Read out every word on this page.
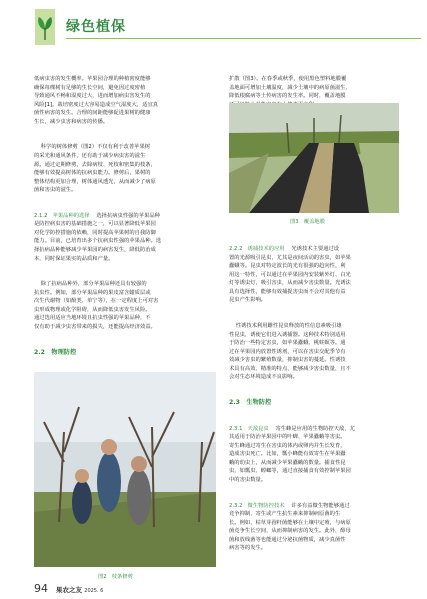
绿色植保

低病虫害的发生概率。苹果园合理的种植密度能够
确保每棵树有足够的生长空间，避免因过度密植
导致通风不畅和湿度过大，进而增加病虫害发生的
风险[1]。栽培密度过大容易造成空气湿度大，适宜真
菌性病害的发生。合理的间距能够促进果树的健康
生长，减少虫害和病害的传播。

科学的树体修剪（图2）不仅有利于改善苹果树
的采光和通风条件，还有助于减少病虫害的滋生
源。通过定期修剪，去除病枝、死枝和密集的枝条，
能够有效提高树体的抗病虫能力。修剪后，果树的
整体结构更加合理，树体通风透光，从而减少了病原
菌和害虫的滋生。

2.1.2   苹果品种的选择    选择抗病虫性强的苹果品种
是防控病虫害的基础措施之一，可以显著降低苹果园
对化学防控措施的依赖，同时提高苹果树的自我防御
能力。目前，已培育出多个抗病虫性强的苹果品种。选
择抗病品种能够减少苹果园的病害发生，降低防治成
本，同时保证果实的品质和产量。

除了抗病品种外，部分苹果品种还具有较强的
抗虫性。例如，部分苹果品种的果皮富含蜡质层或
次生代谢物（如酚类、单宁等），在一定程度上可对害
虫形成物理或化学阻碍，从而降低虫害发生风险。
通过选用适应当地环境且抗虫性强的苹果品种，不
仅有助于减少虫害带来的损失，还能提高经济效益。

2.2   物理防控

图2   枝条修剪

扩散（图3）。在春季或秋季，使用黑色塑料地膜覆
盖地面可增加土壤温度，减少土壤中的病原菌滋生，
降低根腐病等土传病害的发生率。同时，覆盖地膜

图3   覆盖地膜

2.2.2   诱捕技术的应用    光诱技术主要通过设
置的光源吸引昆虫，尤其是夜间活动的害虫，如苹果
蠹蛾等。昆虫对特定波长的光有很强的趋向性，利
用这一特性，可以通过在苹果园内安装紫外灯、白光
灯等诱虫灯，吸引害虫，从而减少害虫数量。光诱法
具有选择性，能够有效捕捉害虫而不会对其他有益
昆虫产生影响。

性诱技术利用雌性昆虫释放的性信息素吸引雄
性昆虫，诱使它们进入诱捕器。这种技术特别适用
于防治一些特定害虫，如苹果蠹蛾、桃蛀螟等。通
过在苹果园内放置性诱剂，可以在害虫交配季节有
效减少害虫的繁殖数量，抑制虫害的蔓延。性诱技
术具有高效、精准的特点，能够减少害虫数量，且不
会对生态环境造成不良影响。

2.3   生物防控

2.3.1   天敌昆虫    寄生蜂是应用的生物防控天敌，尤
其适用于防治苹果园中的叶蝉、苹果蠹蛾等害虫。
寄生蜂通过寄生在害虫的体内或卵内并生长发育，
造成害虫死亡。比如，瓢小蜂能有效寄生在苹果蠹
蛾的幼虫上，从而减少苹果蠹蛾的数量。捕食性昆
虫，如瓢虫、螳螂等，通过直接捕食有效控制苹果园
中的害虫数量。

2.3.2   微生物防控技术    许多有益微生物能够通过
竞争抑制、寄生或产生抗生素来抑制病原菌的生
长。例如，枯草芽孢杆菌能够在土壤中定殖，与病原
菌竞争生长空间，从而抑制病害的发生。此外，醇母
菌和放线菌等也能通过分泌抗菌物质，减少真菌性
病害等的发生。

94 果农之友 2025. 6
